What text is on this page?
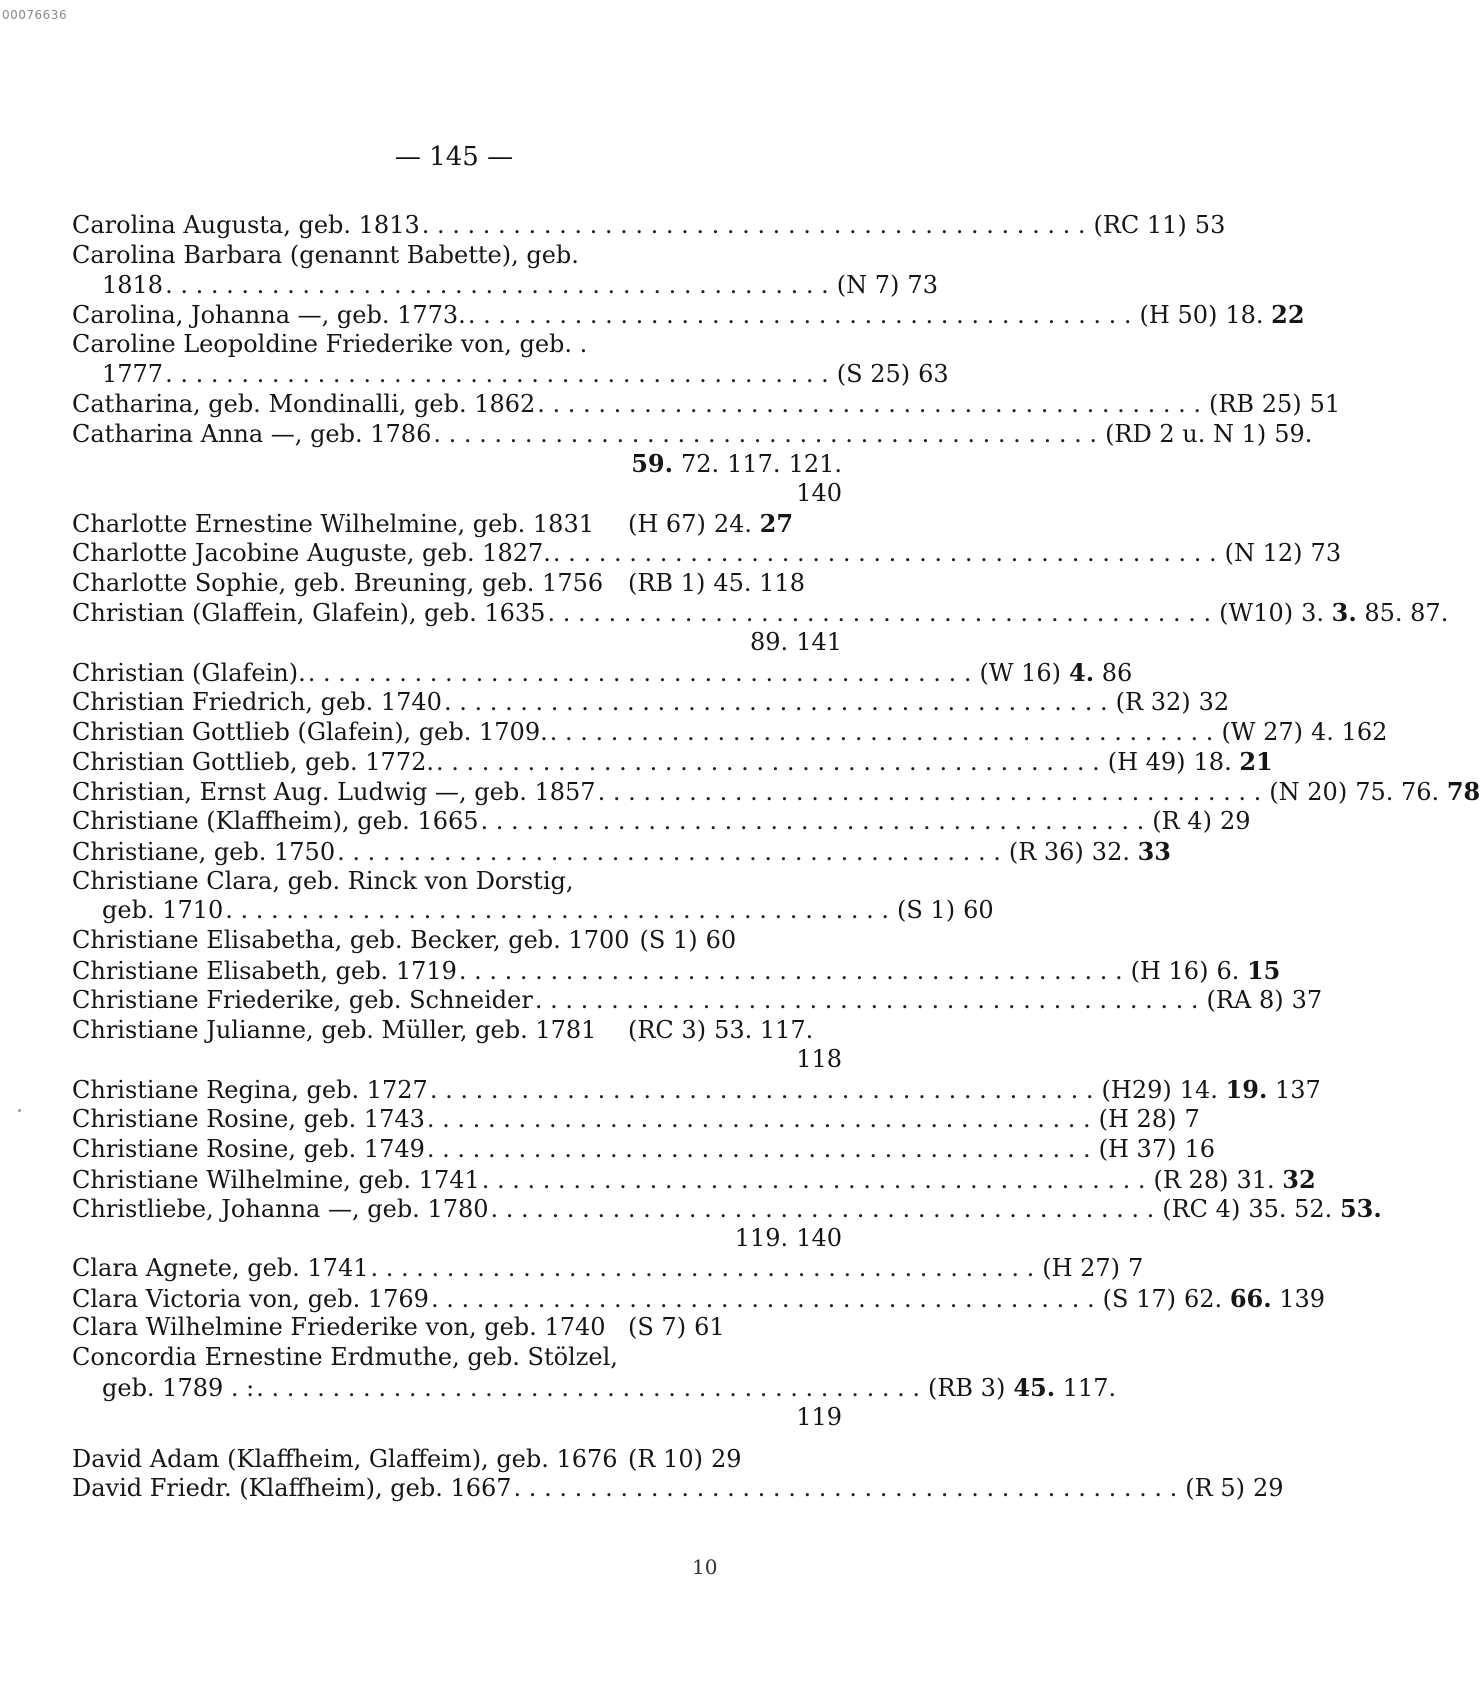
00076636
— 145 —
Carolina Augusta, geb. 1813 . . .	(RC 11) 53
Carolina Barbara (genannt Babette), geb.
1818 . . .	(N 7) 73
Carolina, Johanna —, geb. 1773. . . .	(H 50) 18. 22
Caroline Leopoldine Friederike von, geb. .
1777 . . .	(S 25) 63
Catharina, geb. Mondinalli, geb. 1862 . . .	(RB 25) 51
Catharina Anna —, geb. 1786 . . .	(RD 2 u. N 1) 59.
59. 72. 117. 121.
140
Charlotte Ernestine Wilhelmine, geb. 1831 (H 67) 24. 27
Charlotte Jacobine Auguste, geb. 1827. . . .	(N 12) 73
Charlotte Sophie, geb. Breuning, geb. 1756 (RB 1) 45. 118
Christian (Glaffein, Glafein), geb. 1635 . . .	(W10) 3. 3. 85. 87.
89. 141
Christian (Glafein). . . .	(W 16) 4. 86
Christian Friedrich, geb. 1740 . . .	(R 32) 32
Christian Gottlieb (Glafein), geb. 1709. . . .	(W 27) 4. 162
Christian Gottlieb, geb. 1772. . . .	(H 49) 18. 21
Christian, Ernst Aug. Ludwig —, geb. 1857 . . .	(N 20) 75. 76. 78
Christiane (Klaffheim), geb. 1665 . . .	(R 4) 29
Christiane, geb. 1750 . . .	(R 36) 32. 33
Christiane Clara, geb. Rinck von Dorstig,
geb. 1710 . . .	(S 1) 60
Christiane Elisabetha, geb. Becker, geb. 1700 (S 1) 60
Christiane Elisabeth, geb. 1719 . . .	(H 16) 6. 15
Christiane Friederike, geb. Schneider . . .	(RA 8) 37
Christiane Julianne, geb. Müller, geb. 1781 (RC 3) 53. 117.
118
Christiane Regina, geb. 1727 . . .	(H29) 14. 19. 137
Christiane Rosine, geb. 1743 . . .	(H 28) 7
Christiane Rosine, geb. 1749 . . .	(H 37) 16
Christiane Wilhelmine, geb. 1741 . . .	(R 28) 31. 32
Christliebe, Johanna —, geb. 1780 . . .	(RC 4) 35. 52. 53.
119. 140
Clara Agnete, geb. 1741 . . .	(H 27) 7
Clara Victoria von, geb. 1769 . . .	(S 17) 62. 66. 139
Clara Wilhelmine Friederike von, geb. 1740 (S 7) 61
Concordia Ernestine Erdmuthe, geb. Stölzel,
geb. 1789 . : . . .	(RB 3) 45. 117.
119
David Adam (Klaffheim, Glaffeim), geb. 1676 (R 10) 29
David Friedr. (Klaffheim), geb. 1667 . . .	(R 5) 29
10
